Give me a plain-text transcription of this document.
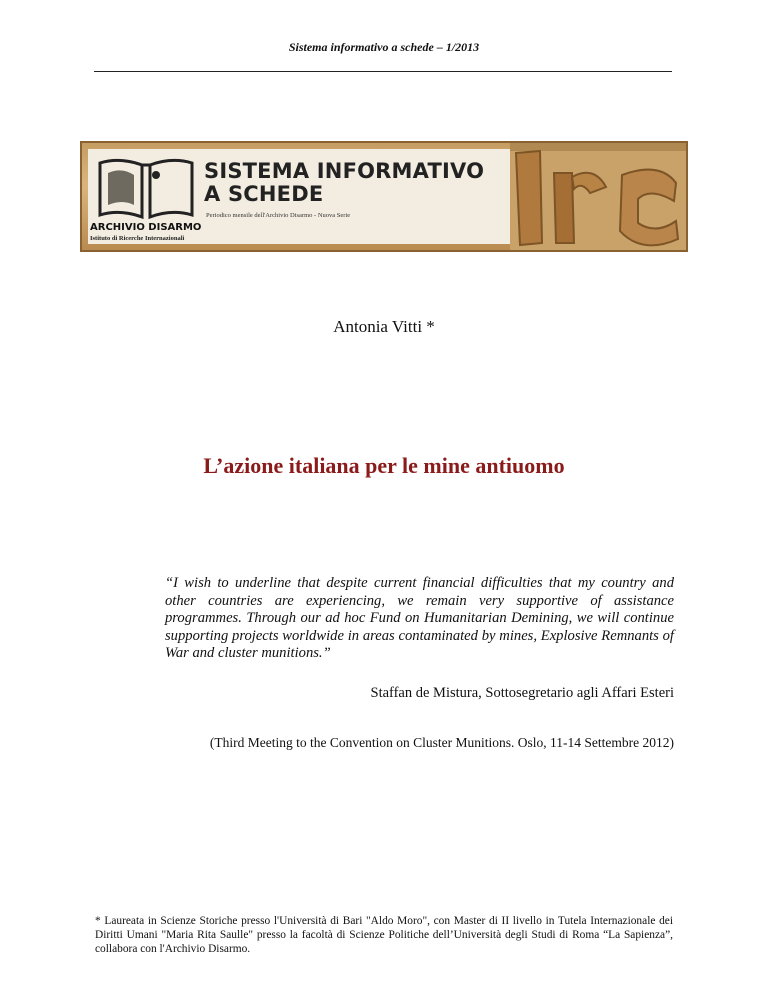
Sistema informativo a schede – 1/2013
SISTEMA INFORMATIVO
A SCHEDE
Periodico mensile dell'Archivio Disarmo - Nuova Serie
ARCHIVIO DISARMO
Istituto di Ricerche Internazionali
Antonia Vitti *
L’azione italiana per le mine antiuomo
“I wish to underline that despite current financial difficulties that my country and other countries are experiencing, we remain very supportive of assistance programmes. Through our ad hoc Fund on Humanitarian Demining, we will continue supporting projects worldwide in areas contaminated by mines, Explosive Remnants of War and cluster munitions.”
Staffan de Mistura, Sottosegretario agli Affari Esteri
(Third Meeting to the Convention on Cluster Munitions. Oslo, 11-14 Settembre 2012)
* Laureata in Scienze Storiche presso l'Università di Bari "Aldo Moro", con Master di II livello in Tutela Internazionale dei Diritti Umani "Maria Rita Saulle" presso la facoltà di Scienze Politiche dell’Università degli Studi di Roma “La Sapienza”, collabora con l'Archivio Disarmo.
